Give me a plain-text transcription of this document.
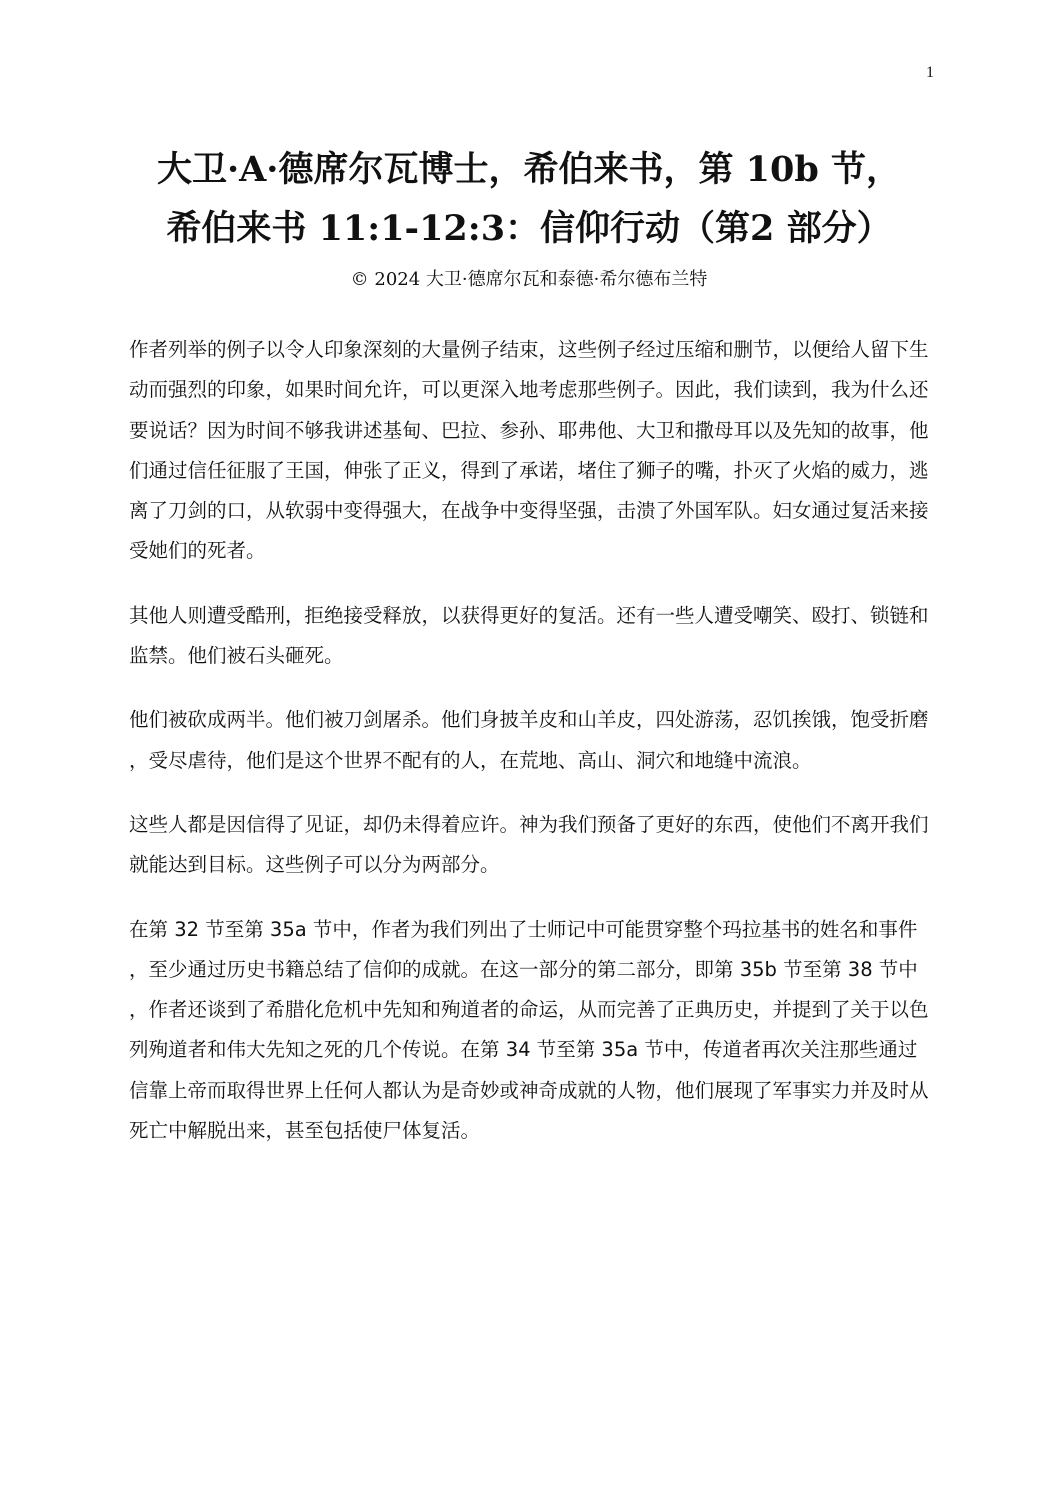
1
大卫·A·德席尔瓦博士，希伯来书，第 10b 节，
希伯来书 11:1-12:3：信仰行动（第2 部分）
© 2024 大卫·德席尔瓦和泰德·希尔德布兰特

作者列举的例子以令人印象深刻的大量例子结束，这些例子经过压缩和删节，以便给人留下生动而强烈的印象，如果时间允许，可以更深入地考虑那些例子。因此，我们读到，我为什么还要说话？因为时间不够我讲述基甸、巴拉、参孙、耶弗他、大卫和撒母耳以及先知的故事，他们通过信任征服了王国，伸张了正义，得到了承诺，堵住了狮子的嘴，扑灭了火焰的威力，逃离了刀剑的口，从软弱中变得强大，在战争中变得坚强，击溃了外国军队。妇女通过复活来接受她们的死者。

其他人则遭受酷刑，拒绝接受释放，以获得更好的复活。还有一些人遭受嘲笑、殴打、锁链和监禁。他们被石头砸死。

他们被砍成两半。他们被刀剑屠杀。他们身披羊皮和山羊皮，四处游荡，忍饥挨饿，饱受折磨，受尽虐待，他们是这个世界不配有的人，在荒地、高山、洞穴和地缝中流浪。

这些人都是因信得了见证，却仍未得着应许。神为我们预备了更好的东西，使他们不离开我们就能达到目标。这些例子可以分为两部分。

在第 32 节至第 35a 节中，作者为我们列出了士师记中可能贯穿整个玛拉基书的姓名和事件，至少通过历史书籍总结了信仰的成就。在这一部分的第二部分，即第 35b 节至第 38 节中，作者还谈到了希腊化危机中先知和殉道者的命运，从而完善了正典历史，并提到了关于以色列殉道者和伟大先知之死的几个传说。在第 34 节至第 35a 节中，传道者再次关注那些通过信靠上帝而取得世界上任何人都认为是奇妙或神奇成就的人物，他们展现了军事实力并及时从死亡中解脱出来，甚至包括使尸体复活。
